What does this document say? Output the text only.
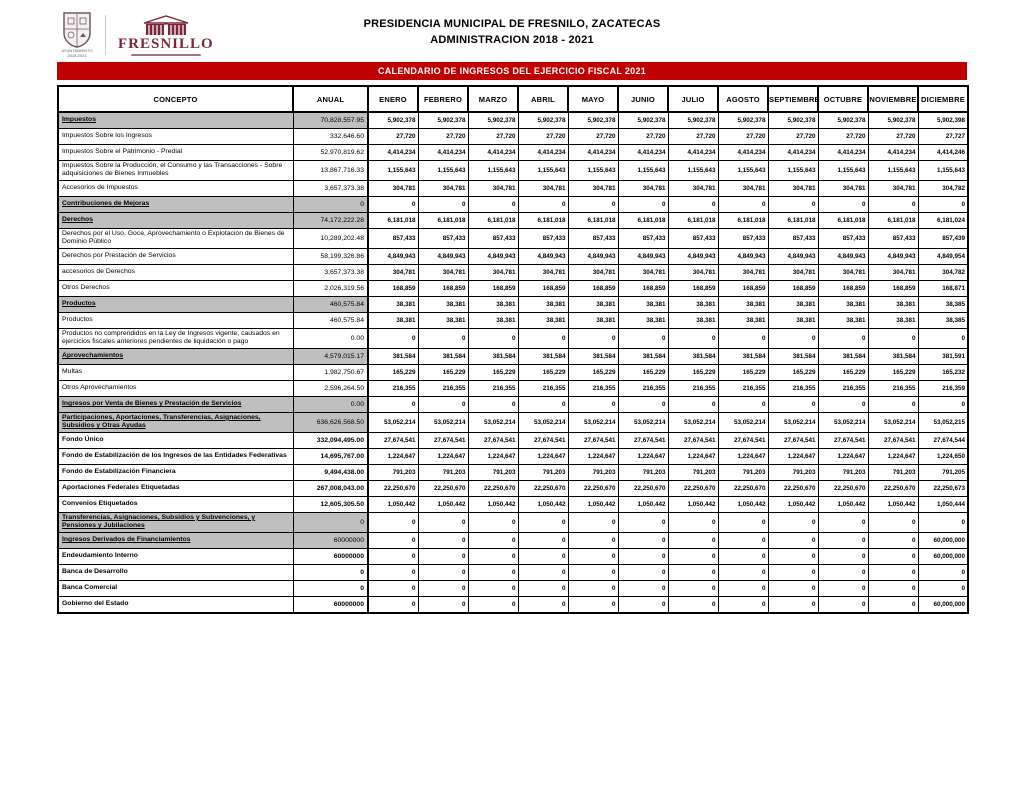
AYUNTAMIENTO 2018-2021
FRESNILLO
PRESIDENCIA MUNICIPAL DE FRESNILO, ZACATECAS
ADMINISTRACION 2018 - 2021
CALENDARIO DE INGRESOS DEL EJERCICIO FISCAL 2021
CONCEPTO	ANUAL	ENERO	FEBRERO	MARZO	ABRIL	MAYO	JUNIO	JULIO	AGOSTO	SEPTIEMBRE	OCTUBRE	NOVIEMBRE	DICIEMBRE
Impuestos	70,828,557.95	5,902,378	5,902,378	5,902,378	5,902,378	5,902,378	5,902,378	5,902,378	5,902,378	5,902,378	5,902,378	5,902,378	5,902,398
Impuestos Sobre los Ingresos	332,646.60	27,720	27,720	27,720	27,720	27,720	27,720	27,720	27,720	27,720	27,720	27,720	27,727
Impuestos Sobre el Patrimonio - Predial	52,970,819.62	4,414,234	4,414,234	4,414,234	4,414,234	4,414,234	4,414,234	4,414,234	4,414,234	4,414,234	4,414,234	4,414,234	4,414,246
Impuestos Sobre la Producción, el Consumo y las Transacciones - Sobre adquisiciones de Bienes Inmuebles	13,867,716.33	1,155,643	1,155,643	1,155,643	1,155,643	1,155,643	1,155,643	1,155,643	1,155,643	1,155,643	1,155,643	1,155,643	1,155,643
Accesorios de Impuestos	3,657,373.38	304,781	304,781	304,781	304,781	304,781	304,781	304,781	304,781	304,781	304,781	304,781	304,782
Contribuciones de Mejoras	0	0	0	0	0	0	0	0	0	0	0	0	0
Derechos	74,172,222.28	6,181,018	6,181,018	6,181,018	6,181,018	6,181,018	6,181,018	6,181,018	6,181,018	6,181,018	6,181,018	6,181,018	6,181,024
Derechos por el Uso, Goce, Aprovechamiento o Explotación de Bienes de Dominio Público	10,289,202.48	857,433	857,433	857,433	857,433	857,433	857,433	857,433	857,433	857,433	857,433	857,433	857,439
Derechos por Prestación de Servicios	58,199,326.86	4,849,943	4,849,943	4,849,943	4,849,943	4,849,943	4,849,943	4,849,943	4,849,943	4,849,943	4,849,943	4,849,943	4,849,954
accesorios de Derechos	3,657,373.38	304,781	304,781	304,781	304,781	304,781	304,781	304,781	304,781	304,781	304,781	304,781	304,782
Otros Derechos	2,026,319.56	168,859	168,859	168,859	168,859	168,859	168,859	168,859	168,859	168,859	168,859	168,859	168,871
Productos	460,575.84	38,381	38,381	38,381	38,381	38,381	38,381	38,381	38,381	38,381	38,381	38,381	38,385
Productos	460,575.84	38,381	38,381	38,381	38,381	38,381	38,381	38,381	38,381	38,381	38,381	38,381	38,385
Productos no comprendidos en la Ley de Ingresos vigente, causados en ejercicios fiscales anteriores pendientes de liquidación o pago	0.00	0	0	0	0	0	0	0	0	0	0	0	0
Aprovechamientos	4,579,015.17	381,584	381,584	381,584	381,584	381,584	381,584	381,584	381,584	381,584	381,584	381,584	381,591
Multas	1,982,750.67	165,229	165,229	165,229	165,229	165,229	165,229	165,229	165,229	165,229	165,229	165,229	165,232
Otros Aprovechamientos	2,596,264.50	216,355	216,355	216,355	216,355	216,355	216,355	216,355	216,355	216,355	216,355	216,355	216,359
Ingresos por Venta de Bienes y Prestación de Servicios	0.00	0	0	0	0	0	0	0	0	0	0	0	0
Participaciones, Aportaciones, Transferencias, Asignaciones, Subsidios y Otras Ayudas	636,626,568.50	53,052,214	53,052,214	53,052,214	53,052,214	53,052,214	53,052,214	53,052,214	53,052,214	53,052,214	53,052,214	53,052,214	53,052,215
Fondo Único	332,094,495.00	27,674,541	27,674,541	27,674,541	27,674,541	27,674,541	27,674,541	27,674,541	27,674,541	27,674,541	27,674,541	27,674,541	27,674,544
Fondo de Estabilización de los Ingresos de las Entidades Federativas	14,695,767.00	1,224,647	1,224,647	1,224,647	1,224,647	1,224,647	1,224,647	1,224,647	1,224,647	1,224,647	1,224,647	1,224,647	1,224,650
Fondo de Estabilización Financiera	9,494,438.00	791,203	791,203	791,203	791,203	791,203	791,203	791,203	791,203	791,203	791,203	791,203	791,205
Aportaciones Federales Etiquetadas	267,008,043.00	22,250,670	22,250,670	22,250,670	22,250,670	22,250,670	22,250,670	22,250,670	22,250,670	22,250,670	22,250,670	22,250,670	22,250,673
Convenios Etiquetados	12,605,305.50	1,050,442	1,050,442	1,050,442	1,050,442	1,050,442	1,050,442	1,050,442	1,050,442	1,050,442	1,050,442	1,050,442	1,050,444
Transferencias, Asignaciones, Subsidios y Subvenciones, y Pensiones y Jubilaciones	0	0	0	0	0	0	0	0	0	0	0	0	0
Ingresos Derivados de Financiamientos	60000000	0	0	0	0	0	0	0	0	0	0	0	60,000,000
Endeudamiento Interno	60000000	0	0	0	0	0	0	0	0	0	0	0	60,000,000
Banca de Desarrollo	0	0	0	0	0	0	0	0	0	0	0	0	0
Banca Comercial	0	0	0	0	0	0	0	0	0	0	0	0	0
Gobierno del Estado	60000000	0	0	0	0	0	0	0	0	0	0	0	60,000,000
